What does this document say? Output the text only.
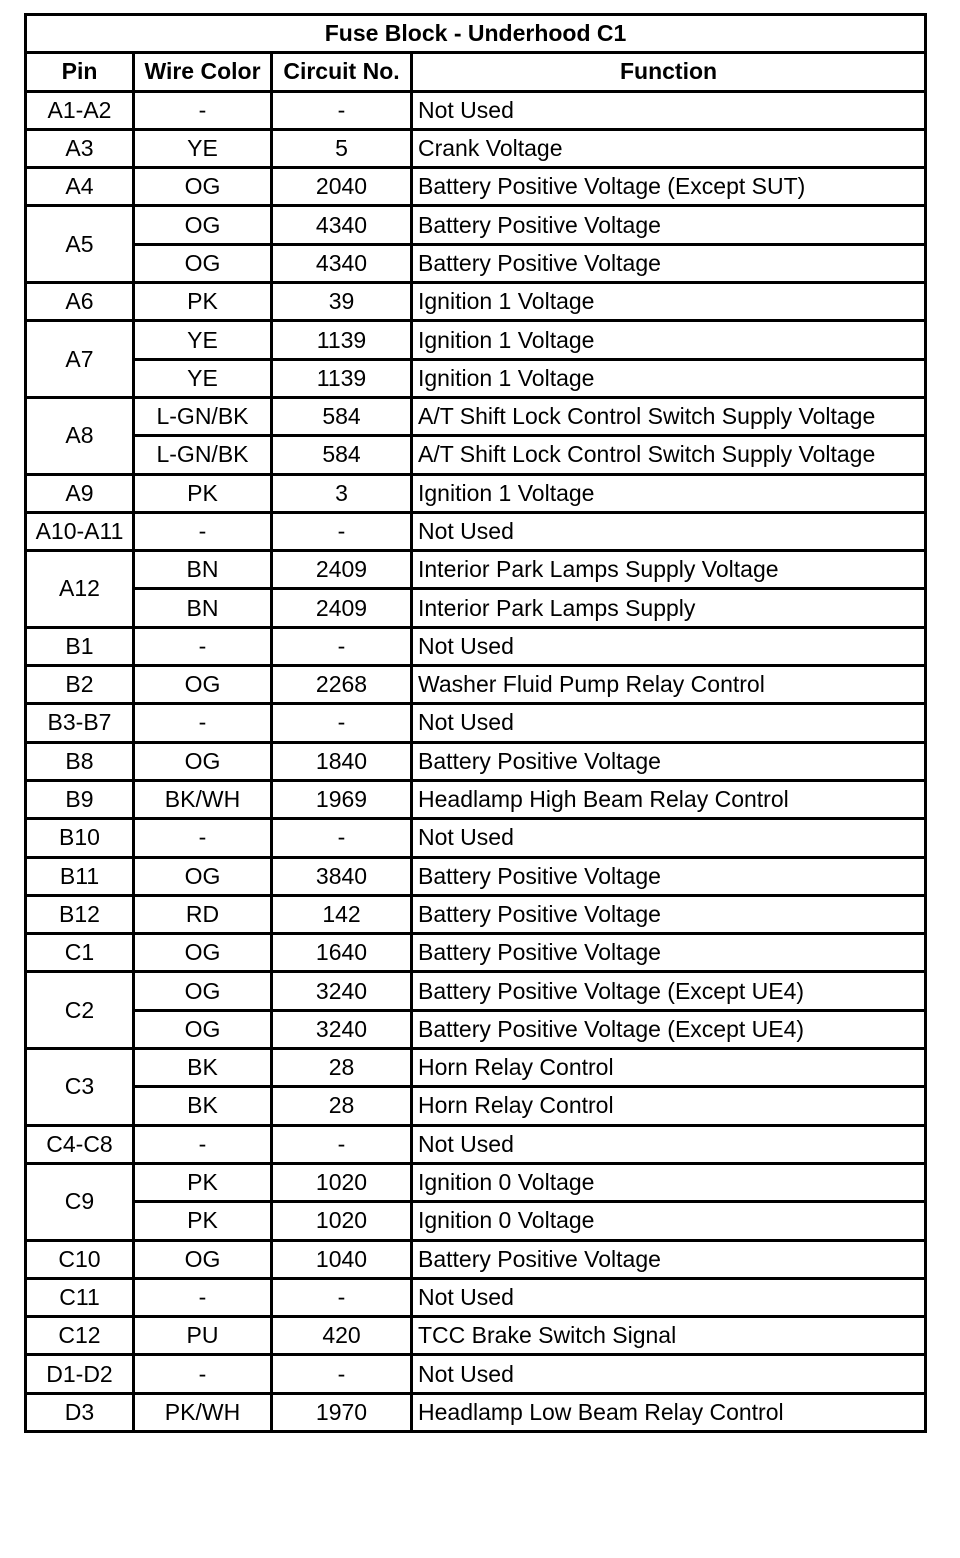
Fuse Block - Underhood C1			
Pin	Wire Color	Circuit No.	Function
A1-A2	-	-	Not Used
A3	YE	5	Crank Voltage
A4	OG	2040	Battery Positive Voltage (Except SUT)
A5	OG	4340	Battery Positive Voltage
	OG	4340	Battery Positive Voltage
A6	PK	39	Ignition 1 Voltage
A7	YE	1139	Ignition 1 Voltage
	YE	1139	Ignition 1 Voltage
A8	L-GN/BK	584	A/T Shift Lock Control Switch Supply Voltage
	L-GN/BK	584	A/T Shift Lock Control Switch Supply Voltage
A9	PK	3	Ignition 1 Voltage
A10-A11	-	-	Not Used
A12	BN	2409	Interior Park Lamps Supply Voltage
	BN	2409	Interior Park Lamps Supply
B1	-	-	Not Used
B2	OG	2268	Washer Fluid Pump Relay Control
B3-B7	-	-	Not Used
B8	OG	1840	Battery Positive Voltage
B9	BK/WH	1969	Headlamp High Beam Relay Control
B10	-	-	Not Used
B11	OG	3840	Battery Positive Voltage
B12	RD	142	Battery Positive Voltage
C1	OG	1640	Battery Positive Voltage
C2	OG	3240	Battery Positive Voltage (Except UE4)
	OG	3240	Battery Positive Voltage (Except UE4)
C3	BK	28	Horn Relay Control
	BK	28	Horn Relay Control
C4-C8	-	-	Not Used
C9	PK	1020	Ignition 0 Voltage
	PK	1020	Ignition 0 Voltage
C10	OG	1040	Battery Positive Voltage
C11	-	-	Not Used
C12	PU	420	TCC Brake Switch Signal
D1-D2	-	-	Not Used
D3	PK/WH	1970	Headlamp Low Beam Relay Control
